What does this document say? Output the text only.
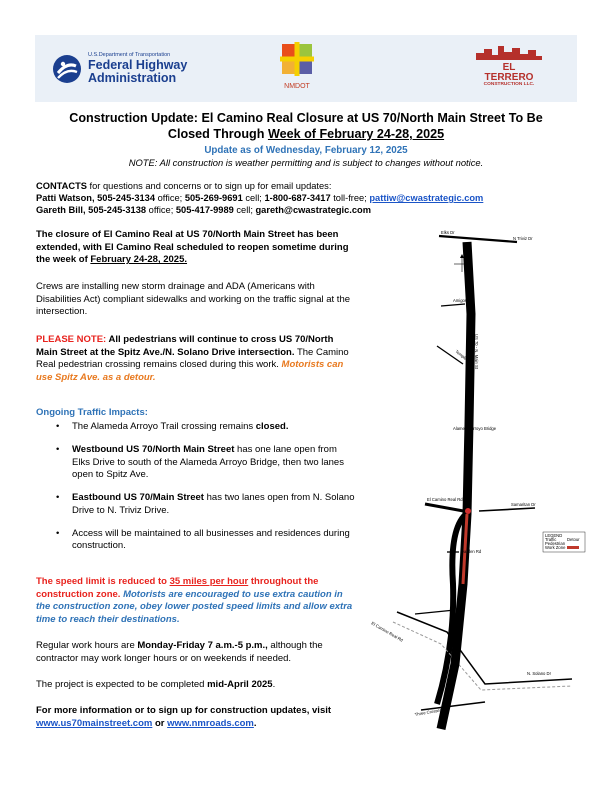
U.S.Department of Transportation
Federal Highway
Administration
NMDOT
EL
TERRERO
CONSTRUCTION LLC.
Construction Update: El Camino Real Closure at US 70/North Main Street To Be
Closed Through Week of February 24-28, 2025
Update as of Wednesday, February 12, 2025
NOTE: All construction is weather permitting and is subject to changes without notice.
CONTACTS for questions and concerns or to sign up for email updates:
Patti Watson, 505-245-3134 office; 505-269-9691 cell; 1-800-687-3417 toll-free; pattiw@cwastrategic.com
Gareth Bill, 505-245-3138 office; 505-417-9989 cell; gareth@cwastrategic.com
The closure of El Camino Real at US 70/North Main Street has been extended, with El Camino Real scheduled to reopen sometime during the week of February 24-28, 2025.
Crews are installing new storm drainage and ADA (Americans with Disabilities Act) compliant sidewalks and working on the traffic signal at the intersection.
PLEASE NOTE: All pedestrians will continue to cross US 70/North Main Street at the Spitz Ave./N. Solano Drive intersection. The Camino Real pedestrian crossing remains closed during this work. Motorists can use Spitz Ave. as a detour.
Ongoing Traffic Impacts:
•	The Alameda Arroyo Trail crossing remains closed.
•	Westbound US 70/North Main Street has one lane open from Elks Drive to south of the Alameda Arroyo Bridge, then two lanes open to Spitz Ave.
•	Eastbound US 70/Main Street has two lanes open from N. Solano Drive to N. Triviz Drive.
•	Access will be maintained to all businesses and residences during construction.
The speed limit is reduced to 35 miles per hour throughout the construction zone. Motorists are encouraged to use extra caution in the construction zone, obey lower posted speed limits and allow extra time to reach their destinations.
Regular work hours are Monday-Friday 7 a.m.-5 p.m., although the contractor may work longer hours or on weekends if needed.
The project is expected to be completed mid-April 2025.
For more information or to sign up for construction updates, visit www.us70mainstreet.com or www.nmroads.com.
LEGEND
Traffic
Pedestrian
Work Zone
Detour
Elks Dr
N Triviz Dr
Amigos Dr
US 70 - N. Main St
Temple Dr
Alameda Arroyo Bridge
El Camino Real Rd
Samaritan Dr
Darden Rd
El Camino Real Rd	Spitz Ave
N. Solano Dr
Three Crosses Ave
